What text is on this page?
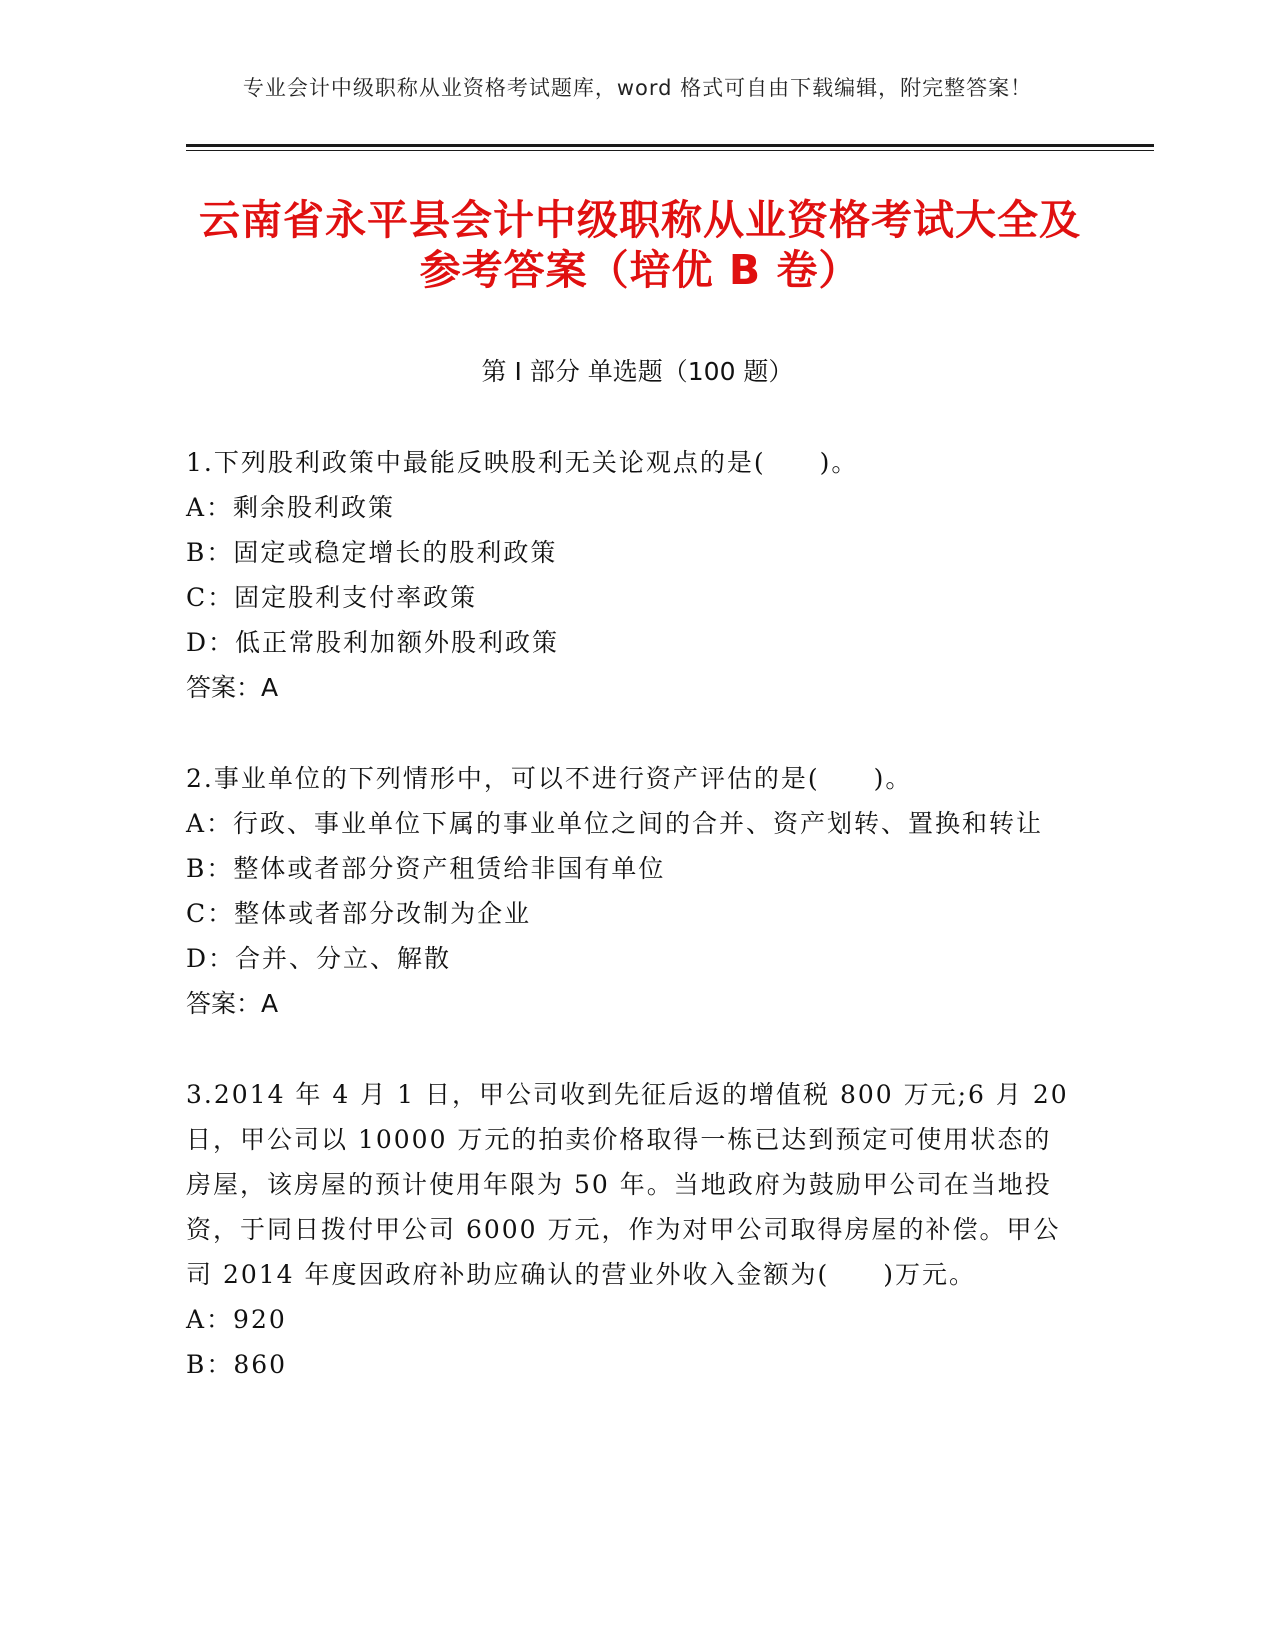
专业会计中级职称从业资格考试题库，word 格式可自由下载编辑，附完整答案！
云南省永平县会计中级职称从业资格考试大全及参考答案（培优 B 卷）
第 I 部分 单选题（100 题）

1.下列股利政策中最能反映股利无关论观点的是(　　)。

A：剩余股利政策

B：固定或稳定增长的股利政策

C：固定股利支付率政策

D：低正常股利加额外股利政策

答案：A

2.事业单位的下列情形中，可以不进行资产评估的是(　　)。

A：行政、事业单位下属的事业单位之间的合并、资产划转、置换和转让

B：整体或者部分资产租赁给非国有单位

C：整体或者部分改制为企业

D：合并、分立、解散

答案：A

3.2014 年 4 月 1 日，甲公司收到先征后返的增值税 800 万元;6 月 20 日，甲公司以 10000 万元的拍卖价格取得一栋已达到预定可使用状态的房屋，该房屋的预计使用年限为 50 年。当地政府为鼓励甲公司在当地投资，于同日拨付甲公司 6000 万元，作为对甲公司取得房屋的补偿。甲公司 2014 年度因政府补助应确认的营业外收入金额为(　　)万元。

A：920

B：860
